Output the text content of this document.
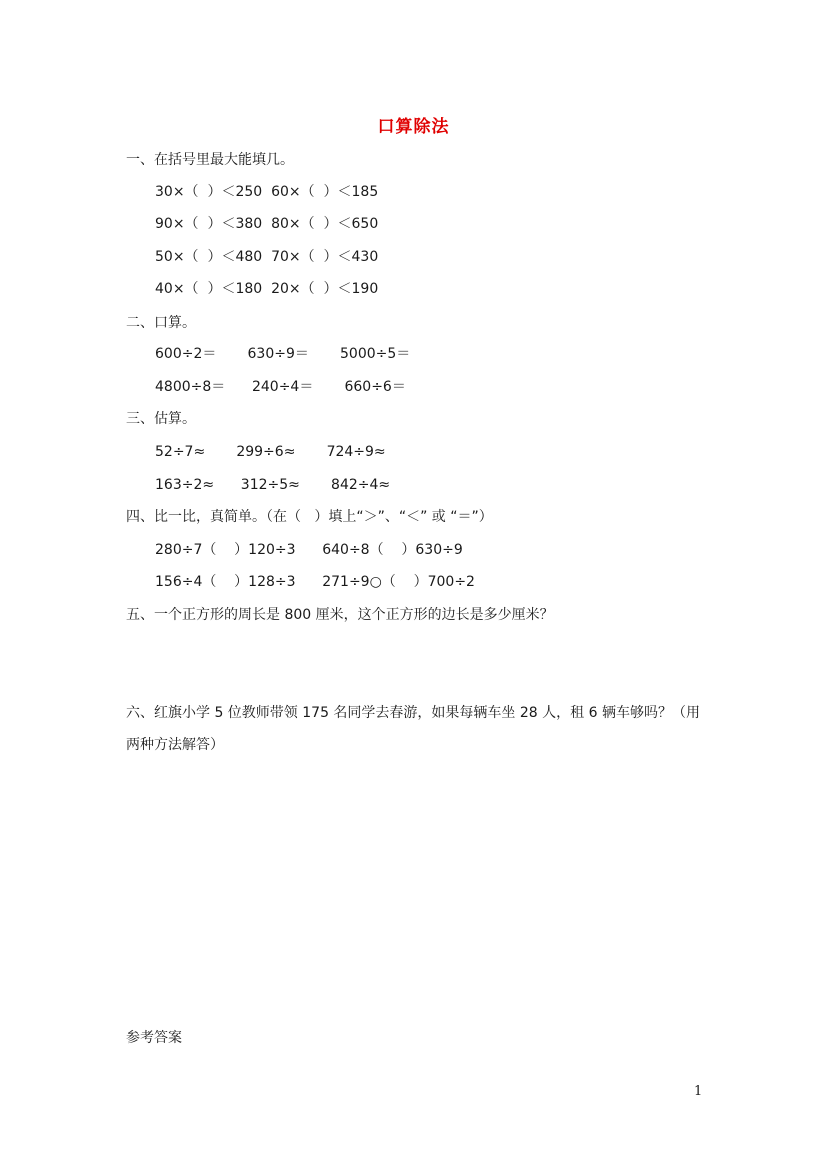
口算除法
一、在括号里最大能填几。
30×（  ）＜250  60×（  ）＜185
90×（  ）＜380  80×（  ）＜650
50×（  ）＜480  70×（  ）＜430
40×（  ）＜180  20×（  ）＜190
二、口算。
600÷2＝       630÷9＝       5000÷5＝
4800÷8＝      240÷4＝       660÷6＝
三、估算。
52÷7≈       299÷6≈       724÷9≈
163÷2≈      312÷5≈       842÷4≈
四、比一比，真简单。（在（   ）填上“＞”、“＜” 或 “＝”）
280÷7（    ）120÷3      640÷8（    ）630÷9
156÷4（    ）128÷3      271÷9○（    ）700÷2
五、一个正方形的周长是 800 厘米，这个正方形的边长是多少厘米？
六、红旗小学 5 位教师带领 175 名同学去春游，如果每辆车坐 28 人，租 6 辆车够吗？（用
两种方法解答）
参考答案
1
